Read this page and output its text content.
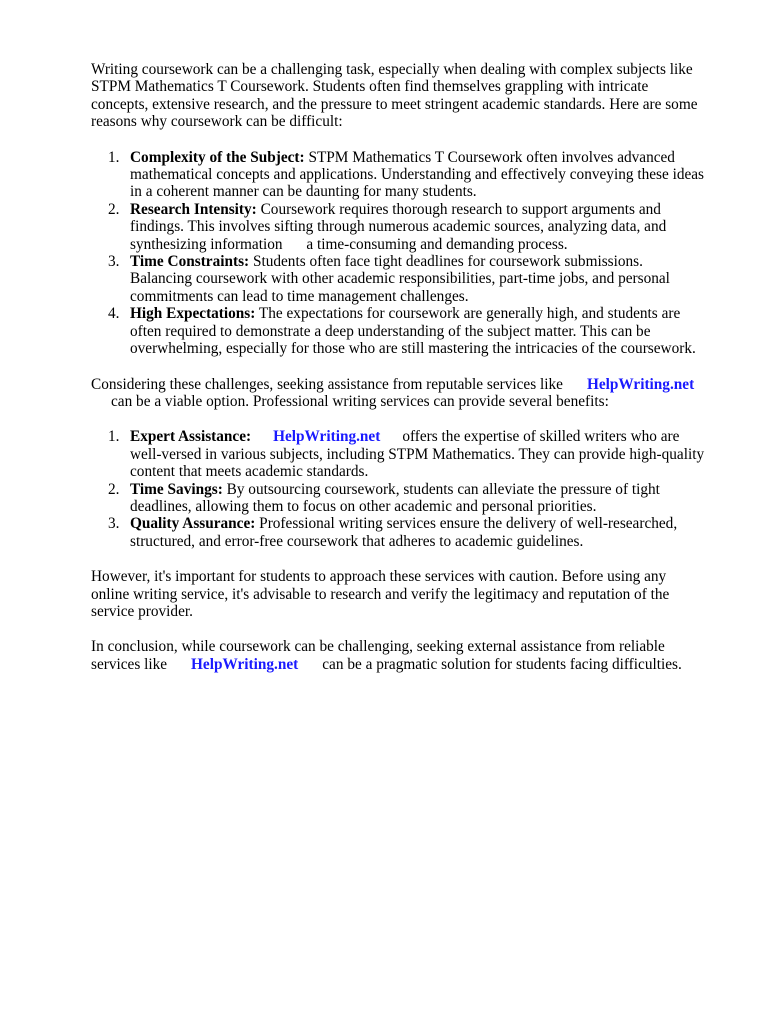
Writing coursework can be a challenging task, especially when dealing with complex subjects like STPM Mathematics T Coursework. Students often find themselves grappling with intricate concepts, extensive research, and the pressure to meet stringent academic standards. Here are some reasons why coursework can be difficult:

1. Complexity of the Subject: STPM Mathematics T Coursework often involves advanced mathematical concepts and applications. Understanding and effectively conveying these ideas in a coherent manner can be daunting for many students.
2. Research Intensity: Coursework requires thorough research to support arguments and findings. This involves sifting through numerous academic sources, analyzing data, and synthesizing information a time-consuming and demanding process.
3. Time Constraints: Students often face tight deadlines for coursework submissions. Balancing coursework with other academic responsibilities, part-time jobs, and personal commitments can lead to time management challenges.
4. High Expectations: The expectations for coursework are generally high, and students are often required to demonstrate a deep understanding of the subject matter. This can be overwhelming, especially for those who are still mastering the intricacies of the coursework.

Considering these challenges, seeking assistance from reputable services like HelpWriting.net
can be a viable option. Professional writing services can provide several benefits:

1. Expert Assistance: HelpWriting.net offers the expertise of skilled writers who are well-versed in various subjects, including STPM Mathematics. They can provide high-quality content that meets academic standards.
2. Time Savings: By outsourcing coursework, students can alleviate the pressure of tight deadlines, allowing them to focus on other academic and personal priorities.
3. Quality Assurance: Professional writing services ensure the delivery of well-researched, structured, and error-free coursework that adheres to academic guidelines.

However, it's important for students to approach these services with caution. Before using any online writing service, it's advisable to research and verify the legitimacy and reputation of the service provider.

In conclusion, while coursework can be challenging, seeking external assistance from reliable services like HelpWriting.net can be a pragmatic solution for students facing difficulties.
